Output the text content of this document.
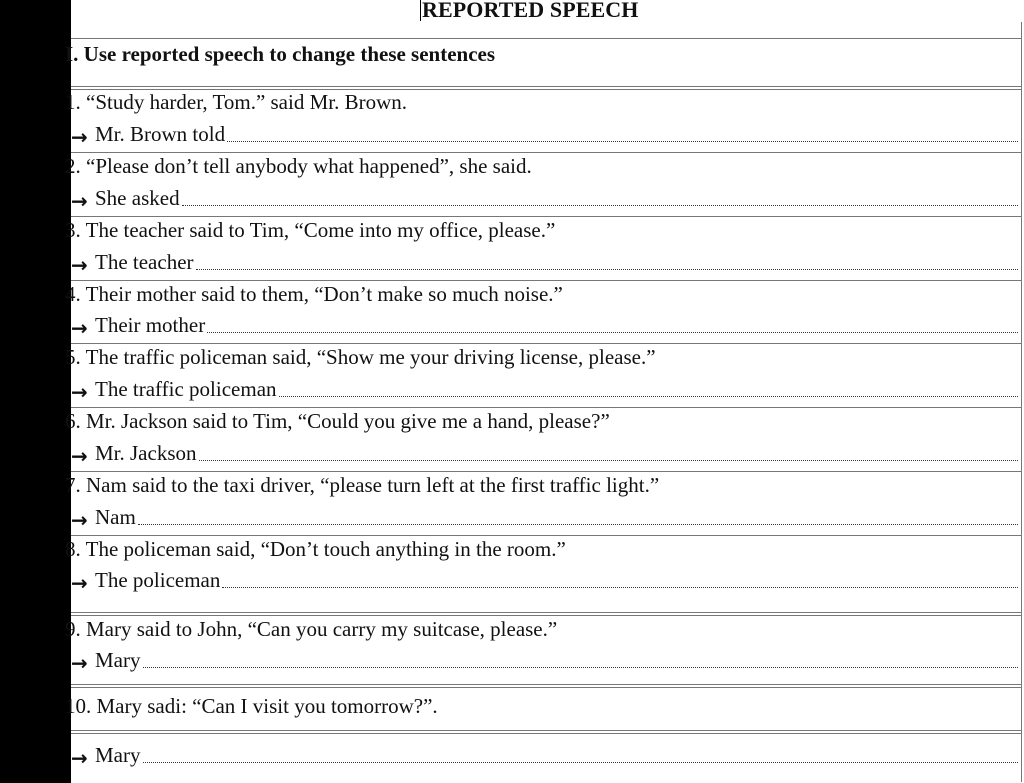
REPORTED SPEECH
I. Use reported speech to change these sentences
1. “Study harder, Tom.” said Mr. Brown.
→ Mr. Brown told
2. “Please don’t tell anybody what happened”, she said.
→ She asked
3. The teacher said to Tim, “Come into my office, please.”
→ The teacher
4. Their mother said to them, “Don’t make so much noise.”
→ Their mother
5. The traffic policeman said, “Show me your driving license, please.”
→ The traffic policeman
6. Mr. Jackson said to Tim, “Could you give me a hand, please?”
→ Mr. Jackson
7. Nam said to the taxi driver, “please turn left at the first traffic light.”
→ Nam
8. The policeman said, “Don’t touch anything in the room.”
→ The policeman
9. Mary said to John, “Can you carry my suitcase, please.”
→ Mary
10. Mary sadi: “Can I visit you tomorrow?”.
→ Mary
